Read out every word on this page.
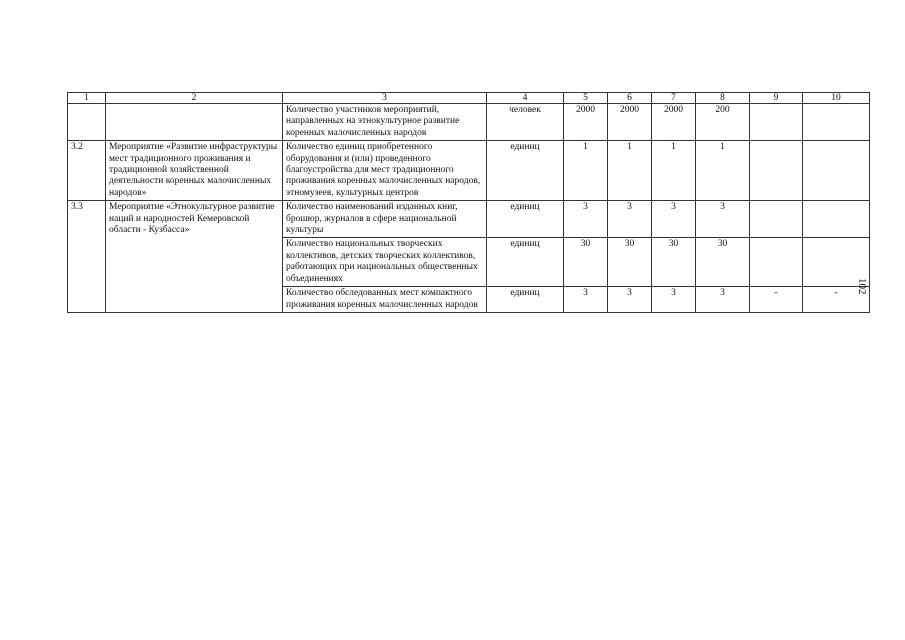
1	2	3	4	5	6	7	8	9	10
		Количество участников мероприятий, направленных на этнокультурное развитие коренных малочисленных народов	человек	2000	2000	2000	200		
3.2	Мероприятие «Развитие инфраструктуры мест традиционного проживания и традиционной хозяйственной деятельности коренных малочисленных народов»	Количество единиц приобретенного оборудования и (или) проведенного благоустройства для мест традиционного проживания коренных малочисленных народов, этномузеев, культурных центров	единиц	1	1	1	1		
3.3	Мероприятие «Этнокультурное развитие наций и народностей Кемеровской области - Кузбасса»	Количество наименований изданных книг, брошюр, журналов в сфере национальной культуры	единиц	3	3	3	3		
		Количество национальных творческих коллективов, детских творческих коллективов, работающих при национальных общественных объединениях	единиц	30	30	30	30		
		Количество обследованных мест компактного проживания коренных малочисленных народов	единиц	3	3	3	3	-	- 102
